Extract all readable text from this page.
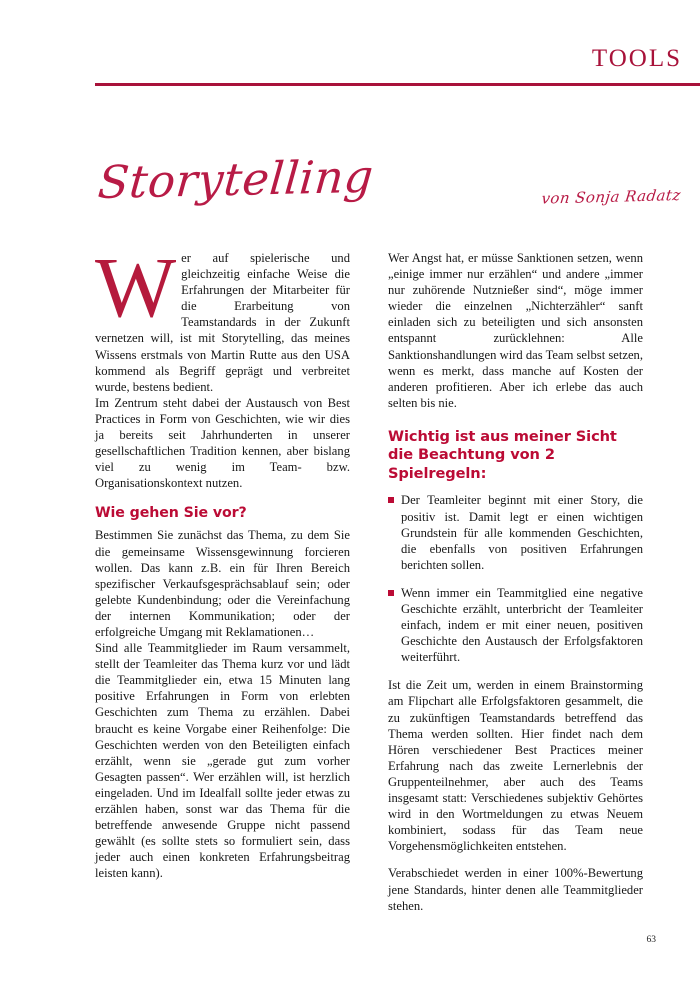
TOOLS
Storytelling	von Sonja Radatz

Wer auf spielerische und gleichzeitig einfache Weise die Erfahrungen der Mitarbeiter für die Erarbeitung von Teamstandards in der Zukunft vernetzen will, ist mit Storytelling, das meines Wissens erstmals von Martin Rutte aus den USA kommend als Begriff geprägt und verbreitet wurde, bestens bedient.

Im Zentrum steht dabei der Austausch von Best Practices in Form von Geschichten, wie wir dies ja bereits seit Jahrhunderten in unserer gesellschaftlichen Tradition kennen, aber bislang viel zu wenig im Team- bzw. Organisationskontext nutzen.

Wie gehen Sie vor?

Bestimmen Sie zunächst das Thema, zu dem Sie die gemeinsame Wissensgewinnung forcieren wollen. Das kann z.B. ein für Ihren Bereich spezifischer Verkaufsgesprächsablauf sein; oder gelebte Kundenbindung; oder die Vereinfachung der internen Kommunikation; oder der erfolgreiche Umgang mit Reklamationen…

Sind alle Teammitglieder im Raum versammelt, stellt der Teamleiter das Thema kurz vor und lädt die Teammitglieder ein, etwa 15 Minuten lang positive Erfahrungen in Form von erlebten Geschichten zum Thema zu erzählen. Dabei braucht es keine Vorgabe einer Reihenfolge: Die Geschichten werden von den Beteiligten einfach erzählt, wenn sie „gerade gut zum vorher Gesagten passen“. Wer erzählen will, ist herzlich eingeladen. Und im Idealfall sollte jeder etwas zu erzählen haben, sonst war das Thema für die betreffende anwesende Gruppe nicht passend gewählt (es sollte stets so formuliert sein, dass jeder auch einen konkreten Erfahrungsbeitrag leisten kann).

Wer Angst hat, er müsse Sanktionen setzen, wenn „einige immer nur erzählen“ und andere „immer nur zuhörende Nutznießer sind“, möge immer wieder die einzelnen „Nichterzähler“ sanft einladen sich zu beteiligten und sich ansonsten entspannt zurücklehnen: Alle Sanktionshandlungen wird das Team selbst setzen, wenn es merkt, dass manche auf Kosten der anderen profitieren. Aber ich erlebe das auch selten bis nie.

Wichtig ist aus meiner Sicht die Beachtung von 2 Spielregeln:
Der Teamleiter beginnt mit einer Story, die positiv ist. Damit legt er einen wichtigen Grundstein für alle kommenden Geschichten, die ebenfalls von positiven Erfahrungen berichten sollen.
Wenn immer ein Teammitglied eine negative Geschichte erzählt, unterbricht der Teamleiter einfach, indem er mit einer neuen, positiven Geschichte den Austausch der Erfolgsfaktoren weiterführt.

Ist die Zeit um, werden in einem Brainstorming am Flipchart alle Erfolgsfaktoren gesammelt, die zu zukünftigen Teamstandards betreffend das Thema werden sollten. Hier findet nach dem Hören verschiedener Best Practices meiner Erfahrung nach das zweite Lernerlebnis der Gruppenteilnehmer, aber auch des Teams insgesamt statt: Verschiedenes subjektiv Gehörtes wird in den Wortmeldungen zu etwas Neuem kombiniert, sodass für das Team neue Vorgehensmöglichkeiten entstehen.

Verabschiedet werden in einer 100%-Bewertung jene Standards, hinter denen alle Teammitglieder stehen.

63
